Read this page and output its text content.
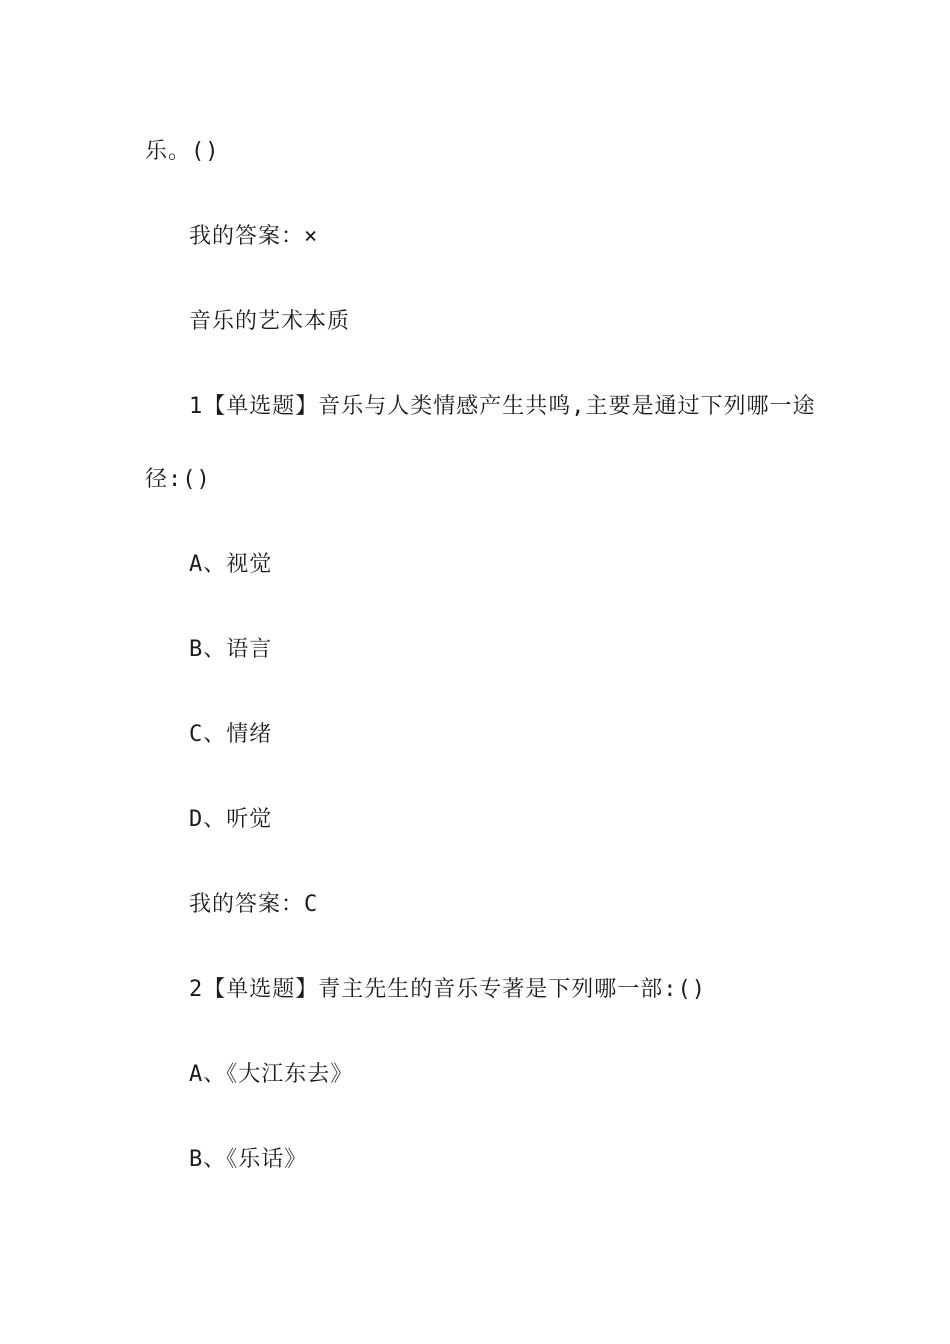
乐。()
我的答案：×
音乐的艺术本质
1【单选题】音乐与人类情感产生共鸣,主要是通过下列哪一途
径:()
A、视觉
B、语言
C、情绪
D、听觉
我的答案：C
2【单选题】青主先生的音乐专著是下列哪一部:()
A、《大江东去》
B、《乐话》
